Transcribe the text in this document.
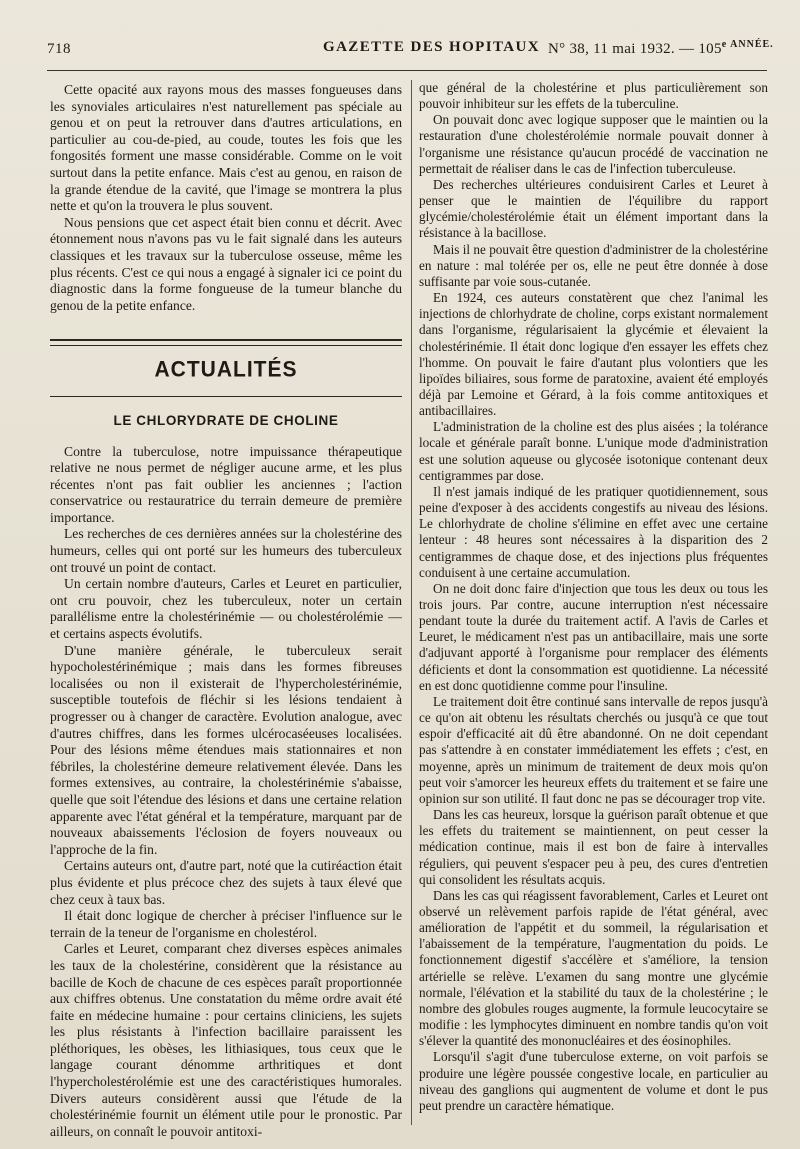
718	GAZETTE DES HOPITAUX N° 38, 11 mai 1932. — $105^{e ANNÉE.}$

Cette opacité aux rayons mous des masses fongueuses dans les synoviales articulaires n'est naturellement pas spéciale au genou et on peut la retrouver dans d'autres articulations, en particulier au cou-de-pied, au coude, toutes les fois que les fongosités forment une masse considérable. Comme on le voit surtout dans la petite enfance. Mais c'est au genou, en raison de la grande étendue de la cavité, que l'image se montrera la plus nette et qu'on la trouvera le plus souvent.

Nous pensions que cet aspect était bien connu et décrit. Avec étonnement nous n'avons pas vu le fait signalé dans les auteurs classiques et les travaux sur la tuberculose osseuse, même les plus récents. C'est ce qui nous a engagé à signaler ici ce point du diagnostic dans la forme fongueuse de la tumeur blanche du genou de la petite enfance.

ACTUALITÉS
LE CHLORYDRATE DE CHOLINE

Contre la tuberculose, notre impuissance thérapeutique relative ne nous permet de négliger aucune arme, et les plus récentes n'ont pas fait oublier les anciennes ; l'action conservatrice ou restauratrice du terrain demeure de première importance.

Les recherches de ces dernières années sur la cholestérine des humeurs, celles qui ont porté sur les humeurs des tuberculeux ont trouvé un point de contact.

Un certain nombre d'auteurs, Carles et Leuret en particulier, ont cru pouvoir, chez les tuberculeux, noter un certain parallélisme entre la cholestérinémie — ou cholestérolémie — et certains aspects évolutifs.

D'une manière générale, le tuberculeux serait hypocholestérinémique ; mais dans les formes fibreuses localisées ou non il existerait de l'hypercholestérinémie, susceptible toutefois de fléchir si les lésions tendaient à progresser ou à changer de caractère. Evolution analogue, avec d'autres chiffres, dans les formes ulcérocaséeuses localisées. Pour des lésions même étendues mais stationnaires et non fébriles, la cholestérine demeure relativement élevée. Dans les formes extensives, au contraire, la cholestérinémie s'abaisse, quelle que soit l'étendue des lésions et dans une certaine relation apparente avec l'état général et la température, marquant par de nouveaux abaissements l'éclosion de foyers nouveaux ou l'approche de la fin.

Certains auteurs ont, d'autre part, noté que la cutiréaction était plus évidente et plus précoce chez des sujets à taux élevé que chez ceux à taux bas.

Il était donc logique de chercher à préciser l'influence sur le terrain de la teneur de l'organisme en cholestérol.

Carles et Leuret, comparant chez diverses espèces animales les taux de la cholestérine, considèrent que la résistance au bacille de Koch de chacune de ces espèces paraît proportionnée aux chiffres obtenus. Une constatation du même ordre avait été faite en médecine humaine : pour certains cliniciens, les sujets les plus résistants à l'infection bacillaire paraissent les pléthoriques, les obèses, les lithiasiques, tous ceux que le langage courant dénomme arthritiques et dont l'hypercholestérolémie est une des caractéristiques humorales. Divers auteurs considèrent aussi que l'étude de la cholestérinémie fournit un élément utile pour le pronostic. Par ailleurs, on connaît le pouvoir antitoxi-

que général de la cholestérine et plus particulièrement son pouvoir inhibiteur sur les effets de la tuberculine.

On pouvait donc avec logique supposer que le maintien ou la restauration d'une cholestérolémie normale pouvait donner à l'organisme une résistance qu'aucun procédé de vaccination ne permettait de réaliser dans le cas de l'infection tuberculeuse.

Des recherches ultérieures conduisirent Carles et Leuret à penser que le maintien de l'équilibre du rapport glycémie/cholestérolémie était un élément important dans la résistance à la bacillose.

Mais il ne pouvait être question d'administrer de la cholestérine en nature : mal tolérée per os, elle ne peut être donnée à dose suffisante par voie sous-cutanée.

En 1924, ces auteurs constatèrent que chez l'animal les injections de chlorhydrate de choline, corps existant normalement dans l'organisme, régularisaient la glycémie et élevaient la cholestérinémie. Il était donc logique d'en essayer les effets chez l'homme. On pouvait le faire d'autant plus volontiers que les lipoïdes biliaires, sous forme de paratoxine, avaient été employés déjà par Lemoine et Gérard, à la fois comme antitoxiques et antibacillaires.

L'administration de la choline est des plus aisées ; la tolérance locale et générale paraît bonne. L'unique mode d'administration est une solution aqueuse ou glycosée isotonique contenant deux centigrammes par dose.

Il n'est jamais indiqué de les pratiquer quotidiennement, sous peine d'exposer à des accidents congestifs au niveau des lésions. Le chlorhydrate de choline s'élimine en effet avec une certaine lenteur : 48 heures sont nécessaires à la disparition des 2 centigrammes de chaque dose, et des injections plus fréquentes conduisent à une certaine accumulation.

On ne doit donc faire d'injection que tous les deux ou tous les trois jours. Par contre, aucune interruption n'est nécessaire pendant toute la durée du traitement actif. A l'avis de Carles et Leuret, le médicament n'est pas un antibacillaire, mais une sorte d'adjuvant apporté à l'organisme pour remplacer des éléments déficients et dont la consommation est quotidienne. La nécessité en est donc quotidienne comme pour l'insuline.

Le traitement doit être continué sans intervalle de repos jusqu'à ce qu'on ait obtenu les résultats cherchés ou jusqu'à ce que tout espoir d'efficacité ait dû être abandonné. On ne doit cependant pas s'attendre à en constater immédiatement les effets ; c'est, en moyenne, après un minimum de traitement de deux mois qu'on peut voir s'amorcer les heureux effets du traitement et se faire une opinion sur son utilité. Il faut donc ne pas se décourager trop vite.

Dans les cas heureux, lorsque la guérison paraît obtenue et que les effets du traitement se maintiennent, on peut cesser la médication continue, mais il est bon de faire à intervalles réguliers, qui peuvent s'espacer peu à peu, des cures d'entretien qui consolident les résultats acquis.

Dans les cas qui réagissent favorablement, Carles et Leuret ont observé un relèvement parfois rapide de l'état général, avec amélioration de l'appétit et du sommeil, la régularisation et l'abaissement de la température, l'augmentation du poids. Le fonctionnement digestif s'accélère et s'améliore, la tension artérielle se relève. L'examen du sang montre une glycémie normale, l'élévation et la stabilité du taux de la cholestérine ; le nombre des globules rouges augmente, la formule leucocytaire se modifie : les lymphocytes diminuent en nombre tandis qu'on voit s'élever la quantité des mononucléaires et des éosinophiles.

Lorsqu'il s'agit d'une tuberculose externe, on voit parfois se produire une légère poussée congestive locale, en particulier au niveau des ganglions qui augmentent de volume et dont le pus peut prendre un caractère hématique.
